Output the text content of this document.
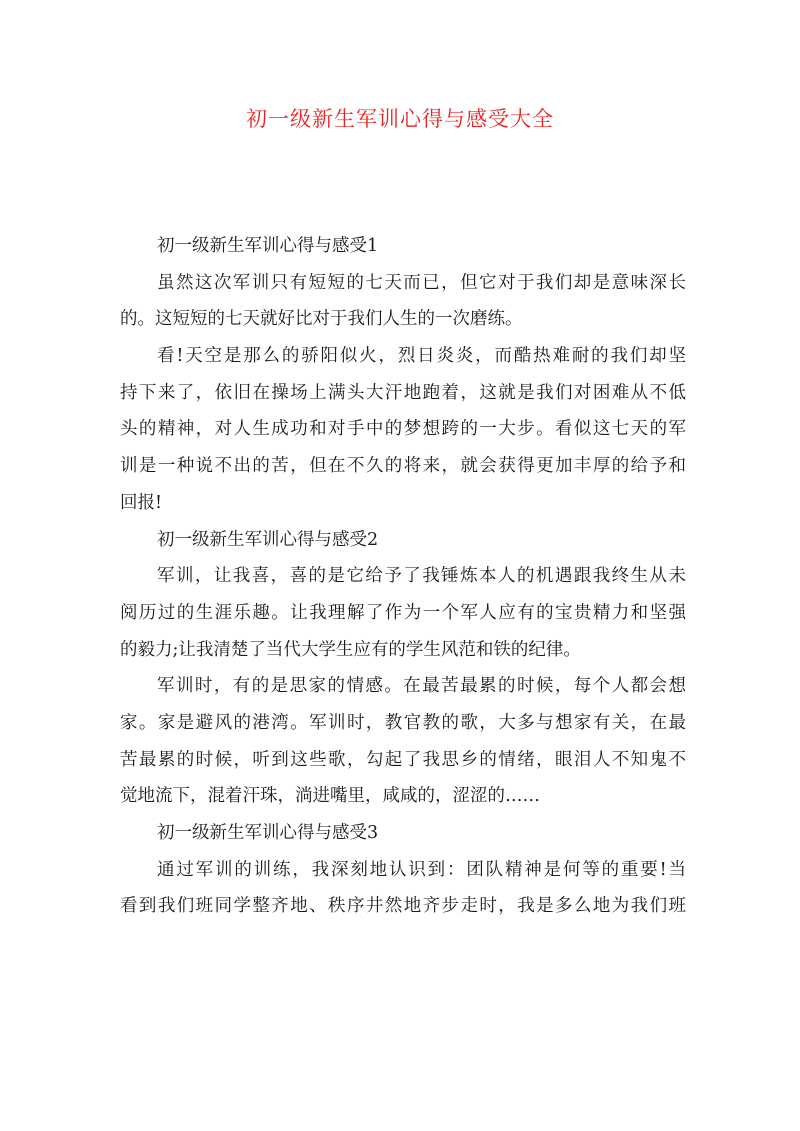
初一级新生军训心得与感受大全
初一级新生军训心得与感受1
虽然这次军训只有短短的七天而已，但它对于我们却是意味深长
的。这短短的七天就好比对于我们人生的一次磨练。
看!天空是那么的骄阳似火，烈日炎炎，而酷热难耐的我们却坚
持下来了，依旧在操场上满头大汗地跑着，这就是我们对困难从不低
头的精神，对人生成功和对手中的梦想跨的一大步。看似这七天的军
训是一种说不出的苦，但在不久的将来，就会获得更加丰厚的给予和
回报!
初一级新生军训心得与感受2
军训，让我喜，喜的是它给予了我锤炼本人的机遇跟我终生从未
阅历过的生涯乐趣。让我理解了作为一个军人应有的宝贵精力和坚强
的毅力;让我清楚了当代大学生应有的学生风范和铁的纪律。
军训时，有的是思家的情感。在最苦最累的时候，每个人都会想
家。家是避风的港湾。军训时，教官教的歌，大多与想家有关，在最
苦最累的时候，听到这些歌，勾起了我思乡的情绪，眼泪人不知鬼不
觉地流下，混着汗珠，淌进嘴里，咸咸的，涩涩的……
初一级新生军训心得与感受3
通过军训的训练，我深刻地认识到：团队精神是何等的重要!当
看到我们班同学整齐地、秩序井然地齐步走时，我是多么地为我们班
